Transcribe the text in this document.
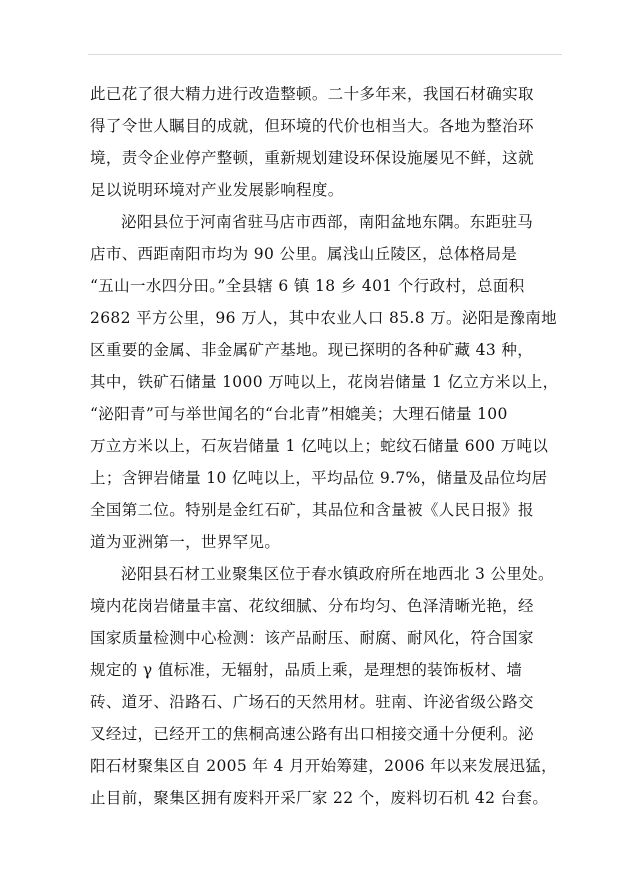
此已花了很大精力进行改造整顿。二十多年来，我国石材确实取
得了令世人瞩目的成就，但环境的代价也相当大。各地为整治环
境，责令企业停产整顿，重新规划建设环保设施屡见不鲜，这就
足以说明环境对产业发展影响程度。
泌阳县位于河南省驻马店市西部，南阳盆地东隅。东距驻马
店市、西距南阳市均为 90 公里。属浅山丘陵区，总体格局是
“五山一水四分田。”全县辖 6 镇 18 乡 401 个行政村，总面积
2682 平方公里，96 万人，其中农业人口 85.8 万。泌阳是豫南地
区重要的金属、非金属矿产基地。现已探明的各种矿藏 43 种，
其中，铁矿石储量 1000 万吨以上，花岗岩储量 1 亿立方米以上，
“泌阳青”可与举世闻名的“台北青”相媲美；大理石储量 100
万立方米以上，石灰岩储量 1 亿吨以上；蛇纹石储量 600 万吨以
上；含钾岩储量 10 亿吨以上，平均品位 9.7%，储量及品位均居
全国第二位。特别是金红石矿，其品位和含量被《人民日报》报
道为亚洲第一，世界罕见。
泌阳县石材工业聚集区位于春水镇政府所在地西北 3 公里处。
境内花岗岩储量丰富、花纹细腻、分布均匀、色泽清晰光艳，经
国家质量检测中心检测：该产品耐压、耐腐、耐风化，符合国家
规定的 γ 值标准，无辐射，品质上乘，是理想的装饰板材、墙
砖、道牙、沿路石、广场石的天然用材。驻南、许泌省级公路交
叉经过，已经开工的焦桐高速公路有出口相接交通十分便利。泌
阳石材聚集区自 2005 年 4 月开始筹建，2006 年以来发展迅猛，
止目前，聚集区拥有废料开采厂家 22 个，废料切石机 42 台套。
